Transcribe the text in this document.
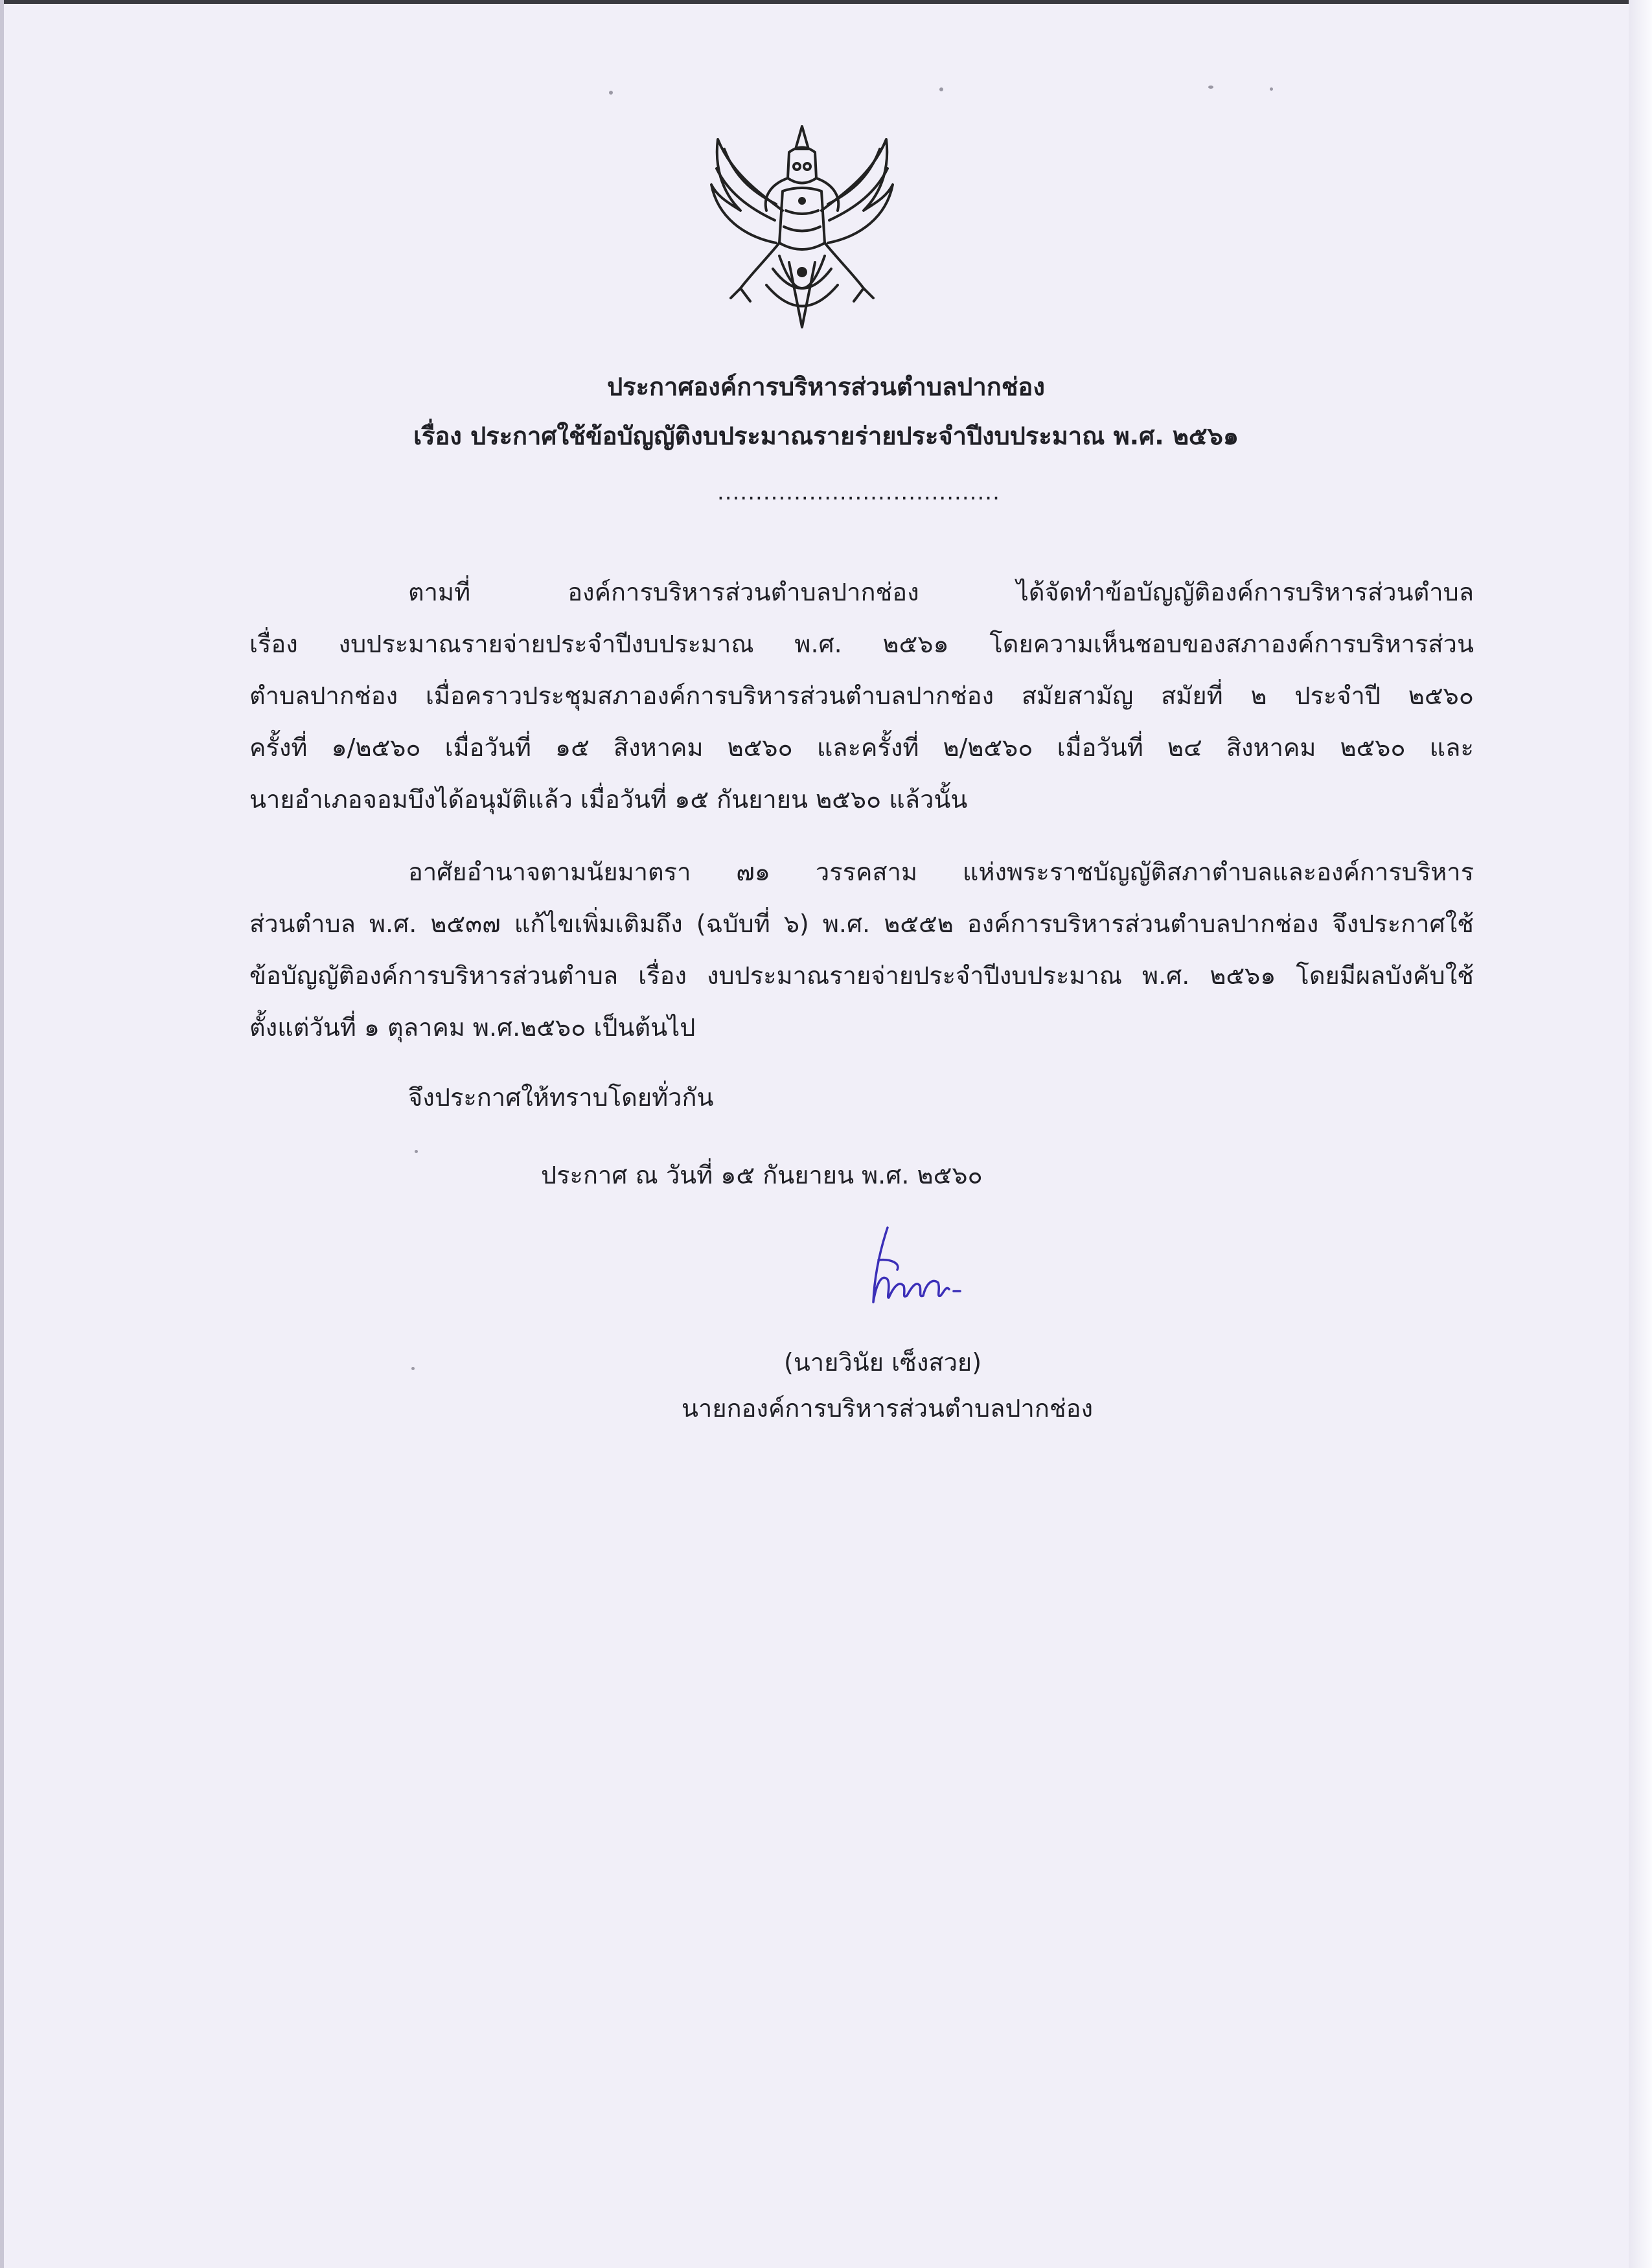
ประกาศองค์การบริหารส่วนตำบลปากช่อง
เรื่อง ประกาศใช้ข้อบัญญัติงบประมาณรายร่ายประจำปีงบประมาณ พ.ศ. ๒๕๖๑
.....................................
ตามที่	องค์การบริหารส่วนตำบลปากช่อง	ได้จัดทำข้อบัญญัติองค์การบริหารส่วนตำบล
เรื่อง งบประมาณรายจ่ายประจำปีงบประมาณ พ.ศ. ๒๕๖๑ โดยความเห็นชอบของสภาองค์การบริหารส่วน
ตำบลปากช่อง เมื่อคราวประชุมสภาองค์การบริหารส่วนตำบลปากช่อง สมัยสามัญ สมัยที่ ๒ ประจำปี ๒๕๖๐
ครั้งที่ ๑/๒๕๖๐ เมื่อวันที่ ๑๕ สิงหาคม ๒๕๖๐ และครั้งที่ ๒/๒๕๖๐ เมื่อวันที่ ๒๔ สิงหาคม ๒๕๖๐ และ
นายอำเภอจอมบึงได้อนุมัติแล้ว เมื่อวันที่ ๑๕ กันยายน ๒๕๖๐ แล้วนั้น
อาศัยอำนาจตามนัยมาตรา ๗๑ วรรคสาม แห่งพระราชบัญญัติสภาตำบลและองค์การบริหาร
ส่วนตำบล พ.ศ. ๒๕๓๗ แก้ไขเพิ่มเติมถึง (ฉบับที่ ๖) พ.ศ. ๒๕๕๒ องค์การบริหารส่วนตำบลปากช่อง จึงประกาศใช้
ข้อบัญญัติองค์การบริหารส่วนตำบล เรื่อง งบประมาณรายจ่ายประจำปีงบประมาณ พ.ศ. ๒๕๖๑ โดยมีผลบังคับใช้
ตั้งแต่วันที่ ๑ ตุลาคม พ.ศ.๒๕๖๐ เป็นต้นไป
จึงประกาศให้ทราบโดยทั่วกัน
ประกาศ ณ วันที่ ๑๕ กันยายน พ.ศ. ๒๕๖๐
(นายวินัย เซ็งสวย)
นายกองค์การบริหารส่วนตำบลปากช่อง
